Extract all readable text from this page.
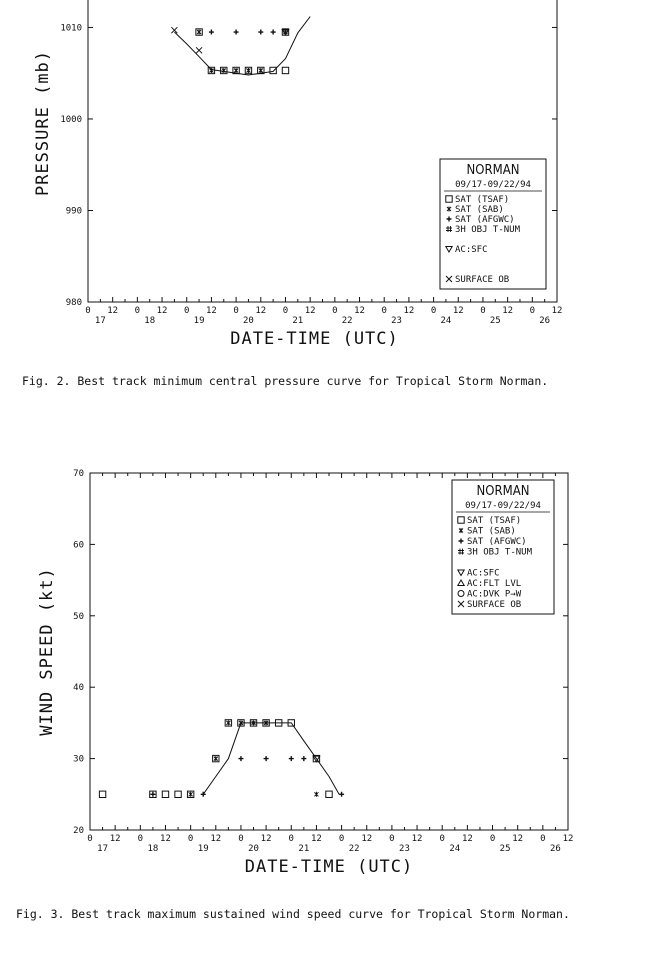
980
990
1000
1010
0 12
17
0 12
18
0 12
19
0 12
20
0 12
21
0 12
22
0 12
23
0 12
24
0 12
25
0 12
26
DATE-TIME (UTC)
PRESSURE (mb)	NORMAN
09/17-09/22/94
SAT (TSAF)
SAT (SAB)
SAT (AFGWC)
3H OBJ T-NUM
AC:SFC
SURFACE OB
20
30
40
50
60
70
0 12
17
0 12
18
0 12
19
0 12
20
0 12
21
0 12
22
0 12
23
0 12
24
0 12
25
0 12
26
DATE-TIME (UTC)
WIND SPEED (kt)
NORMAN
09/17-09/22/94
SAT (TSAF)
SAT (SAB)
SAT (AFGWC)
3H OBJ T-NUM
AC:SFC
AC:FLT LVL
AC:DVK P→W
SURFACE OB
Fig. 2. Best track minimum central pressure curve for Tropical Storm Norman.
Fig. 3. Best track maximum sustained wind speed curve for Tropical Storm Norman.
